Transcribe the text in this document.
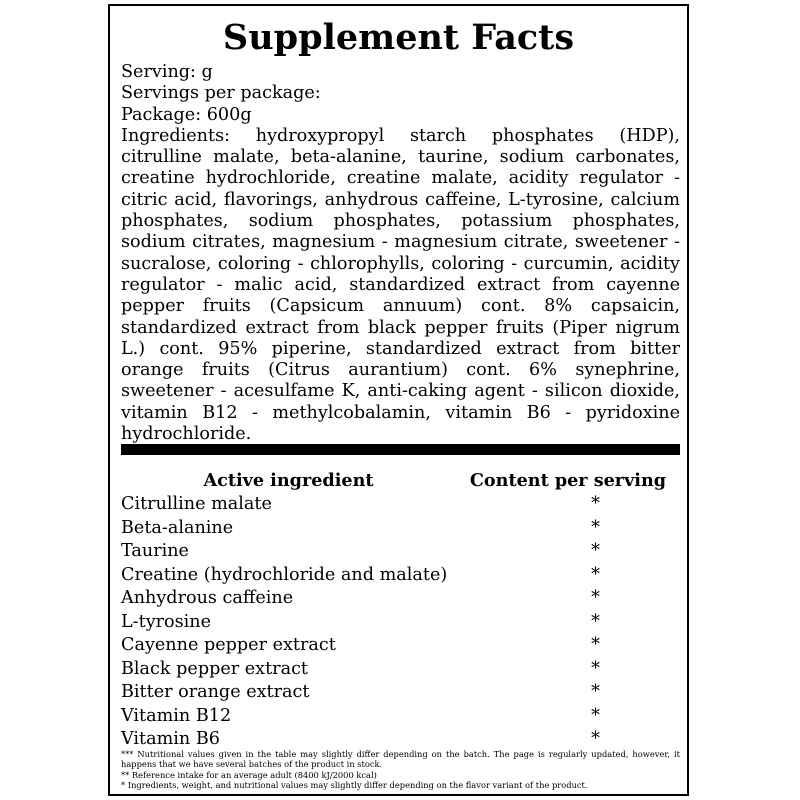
Supplement Facts
Serving: g
Servings per package:
Package: 600g
Ingredients: hydroxypropyl starch phosphates (HDP), citrulline malate, beta-alanine, taurine, sodium carbonates, creatine hydrochloride, creatine malate, acidity regulator - citric acid, flavorings, anhydrous caffeine, L-tyrosine, calcium phosphates, sodium phosphates, potassium phosphates, sodium citrates, magnesium - magnesium citrate, sweetener - sucralose, coloring - chlorophylls, coloring - curcumin, acidity regulator - malic acid, standardized extract from cayenne pepper fruits (Capsicum annuum) cont. 8% capsaicin, standardized extract from black pepper fruits (Piper nigrum L.) cont. 95% piperine, standardized extract from bitter orange fruits (Citrus aurantium) cont. 6% synephrine, sweetener - acesulfame K, anti-caking agent - silicon dioxide, vitamin B12 - methylcobalamin, vitamin B6 - pyridoxine hydrochloride.
Active ingredient	Content per serving
Citrulline malate	*
Beta-alanine	*
Taurine	*
Creatine (hydrochloride and malate)	*
Anhydrous caffeine	*
L-tyrosine	*
Cayenne pepper extract	*
Black pepper extract	*
Bitter orange extract	*
Vitamin B12	*
Vitamin B6	*
*** Nutritional values given in the table may slightly differ depending on the batch. The page is regularly updated, however, it happens that we have several batches of the product in stock.
** Reference intake for an average adult (8400 kJ/2000 kcal)
* Ingredients, weight, and nutritional values may slightly differ depending on the flavor variant of the product.
